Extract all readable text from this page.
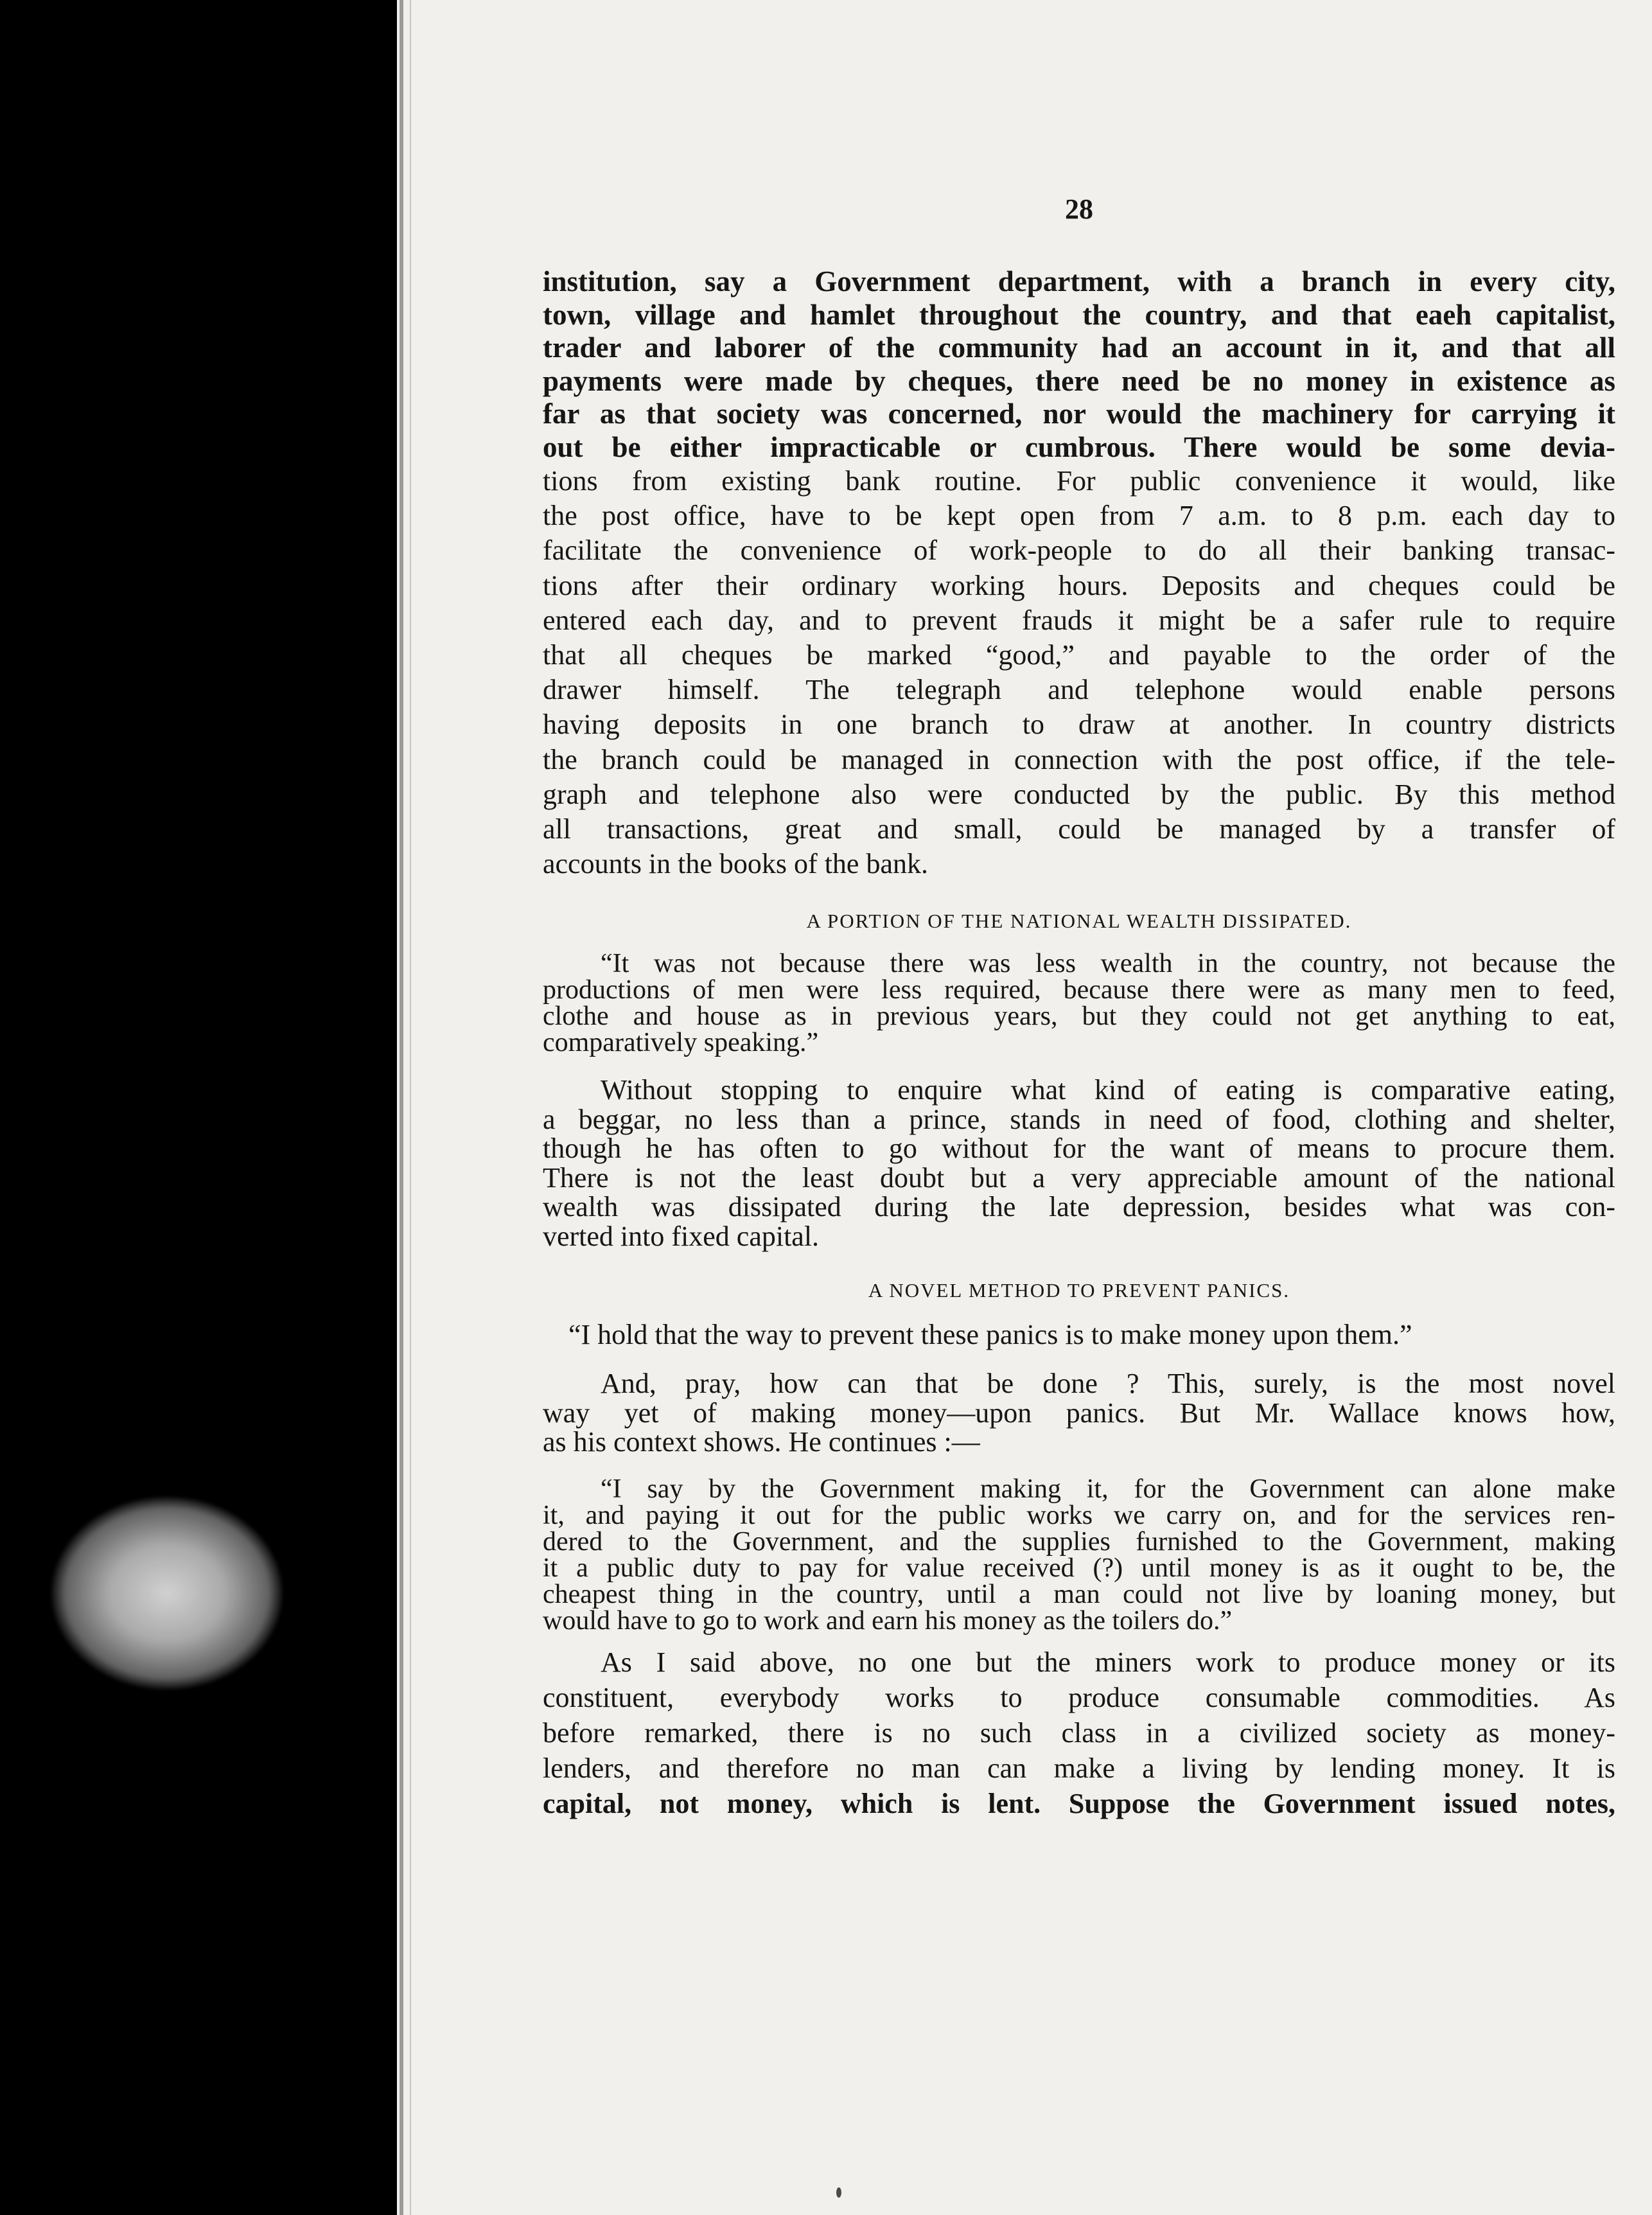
28

institution, say a Government department, with a branch in every city,
town, village and hamlet throughout the country, and that eaeh capitalist,
trader and laborer of the community had an account in it, and that all
payments were made by cheques, there need be no money in existence as
far as that society was concerned, nor would the machinery for carrying it
out be either impracticable or cumbrous. There would be some devia-

tions from existing bank routine. For public convenience it would, like
the post office, have to be kept open from 7 a.m. to 8 p.m. each day to
facilitate the convenience of work-people to do all their banking transac-
tions after their ordinary working hours. Deposits and cheques could be
entered each day, and to prevent frauds it might be a safer rule to require
that all cheques be marked “good,” and payable to the order of the
drawer himself. The telegraph and telephone would enable persons
having deposits in one branch to draw at another. In country districts
the branch could be managed in connection with the post office, if the tele-
graph and telephone also were conducted by the public. By this method
all transactions, great and small, could be managed by a transfer of
accounts in the books of the bank.

A PORTION OF THE NATIONAL WEALTH DISSIPATED.

“It was not because there was less wealth in the country, not because the
productions of men were less required, because there were as many men to feed,
clothe and house as in previous years, but they could not get anything to eat,
comparatively speaking.”

Without stopping to enquire what kind of eating is comparative eating,
a beggar, no less than a prince, stands in need of food, clothing and shelter,
though he has often to go without for the want of means to procure them.
There is not the least doubt but a very appreciable amount of the national
wealth was dissipated during the late depression, besides what was con-
verted into fixed capital.

A NOVEL METHOD TO PREVENT PANICS.

“I hold that the way to prevent these panics is to make money upon them.”

And, pray, how can that be done ? This, surely, is the most novel
way yet of making money—upon panics. But Mr. Wallace knows how,
as his context shows. He continues :—

“I say by the Government making it, for the Government can alone make
it, and paying it out for the public works we carry on, and for the services ren-
dered to the Government, and the supplies furnished to the Government, making
it a public duty to pay for value received (?) until money is as it ought to be, the
cheapest thing in the country, until a man could not live by loaning money, but
would have to go to work and earn his money as the toilers do.”

As I said above, no one but the miners work to produce money or its
constituent, everybody works to produce consumable commodities. As
before remarked, there is no such class in a civilized society as money-
lenders, and therefore no man can make a living by lending money. It is
capital, not money, which is lent. Suppose the Government issued notes,
